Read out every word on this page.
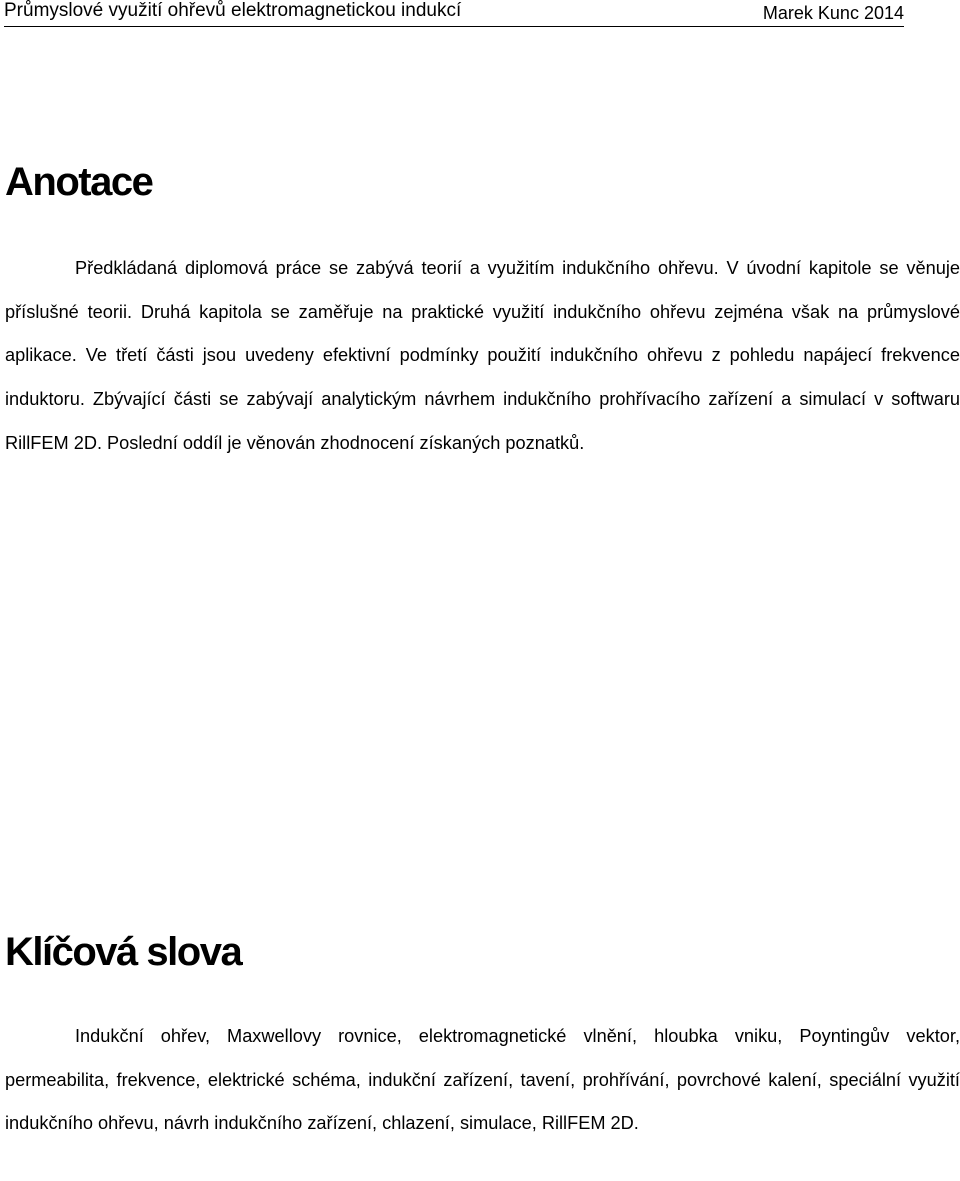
Průmyslové využití ohřevů elektromagnetickou indukcí	Marek Kunc 2014
Anotace

Předkládaná diplomová práce se zabývá teorií a využitím indukčního ohřevu. V úvodní kapitole se věnuje příslušné teorii. Druhá kapitola se zaměřuje na praktické využití indukčního ohřevu zejména však na průmyslové aplikace. Ve třetí části jsou uvedeny efektivní podmínky použití indukčního ohřevu z pohledu napájecí frekvence induktoru. Zbývající části se zabývají analytickým návrhem indukčního prohřívacího zařízení a simulací v softwaru RillFEM 2D. Poslední oddíl je věnován zhodnocení získaných poznatků.

Klíčová slova

Indukční ohřev, Maxwellovy rovnice, elektromagnetické vlnění, hloubka vniku, Poyntingův vektor, permeabilita, frekvence, elektrické schéma, indukční zařízení, tavení, prohřívání, povrchové kalení, speciální využití indukčního ohřevu, návrh indukčního zařízení, chlazení, simulace, RillFEM 2D.
